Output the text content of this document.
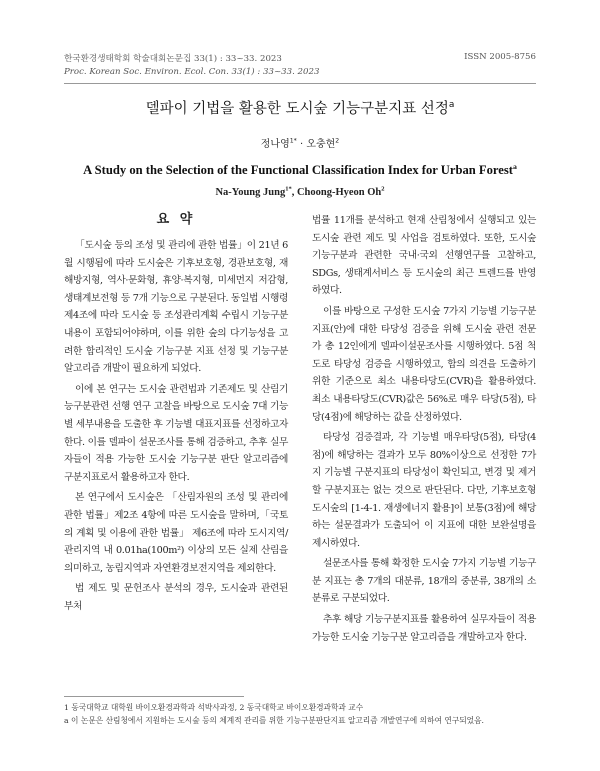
한국환경생태학회 학술대회논문집 33(1) : 33~33. 2023
Proc. Korean Soc. Environ. Ecol. Con. 33(1) : 33~33. 2023
ISSN 2005-8756
델파이 기법을 활용한 도시숲 기능구분지표 선정$^a$
정나영$^{1*}$ · 오충현$^2$
A Study on the Selection of the Functional Classification Index for Urban Forest$^a$
Na-Young Jung$^{1*}$, Choong-Hyeon Oh$^2$
요 약

「도시숲 등의 조성 및 관리에 관한 법률」이 21년 6월 시행됨에 따라 도시숲은 기후보호형, 경관보호형, 재해방지형, 역사·문화형, 휴양·복지형, 미세먼지 저감형, 생태계보전형 등 7개 기능으로 구분된다. 동일법 시행령 제4조에 따라 도시숲 등 조성관리계획 수립시 기능구분내용이 포함되어야하며, 이를 위한 숲의 다기능성을 고려한 합리적인 도시숲 기능구분 지표 선정 및 기능구분 알고리즘 개발이 필요하게 되었다.

이에 본 연구는 도시숲 관련법과 기존제도 및 산림기능구분관련 선행 연구 고찰을 바탕으로 도시숲 7대 기능별 세부내용을 도출한 후 기능별 대표지표를 선정하고자 한다. 이를 델파이 설문조사를 통해 검증하고, 추후 실무자들이 적용 가능한 도시숲 기능구분 판단 알고리즘에 구분지표로서 활용하고자 한다.

본 연구에서 도시숲은 「산림자원의 조성 및 관리에 관한 법률」제2조 4항에 따른 도시숲을 말하며,「국토의 계획 및 이용에 관한 법률」 제6조에 따라 도시지역/관리지역 내 0.01ha(100m²) 이상의 모든 실제 산림을 의미하고, 농림지역과 자연환경보전지역을 제외한다.

법 제도 및 문헌조사 분석의 경우, 도시숲과 관련된 부처

법률 11개를 분석하고 현재 산림청에서 실행되고 있는 도시숲 관련 제도 및 사업을 검토하였다. 또한, 도시숲 기능구분과 관련한 국내·국외 선행연구를 고찰하고, SDGs, 생태계서비스 등 도시숲의 최근 트렌드를 반영하였다.

이를 바탕으로 구성한 도시숲 7가지 기능별 기능구분 지표(안)에 대한 타당성 검증을 위해 도시숲 관련 전문가 총 12인에게 델파이설문조사를 시행하였다. 5점 척도로 타당성 검증을 시행하였고, 합의 의견을 도출하기 위한 기준으로 최소 내용타당도(CVR)을 활용하였다. 최소 내용타당도(CVR)값은 56%로 매우 타당(5점), 타당(4점)에 해당하는 값을 산정하였다.

타당성 검증결과, 각 기능별 매우타당(5점), 타당(4점)에 해당하는 결과가 모두 80%이상으로 선정한 7가지 기능별 구분지표의 타당성이 확인되고, 변경 및 제거할 구분지표는 없는 것으로 판단된다. 다만, 기후보호형 도시숲의 [1-4-1. 재생에너지 활용]이 보통(3점)에 해당하는 설문결과가 도출되어 이 지표에 대한 보완설명을 제시하였다.

설문조사를 통해 확정한 도시숲 7가지 기능별 기능구분 지표는 총 7개의 대분류, 18개의 중분류, 38개의 소분류로 구분되었다.

추후 해당 기능구분지표를 활용하여 실무자들이 적용 가능한 도시숲 기능구분 알고리즘을 개발하고자 한다.

1 동국대학교 대학원 바이오환경과학과 석박사과정, 2 동국대학교 바이오환경과학과 교수
a 이 논문은 산림청에서 지원하는 도시숲 등의 체계적 관리를 위한 기능구분판단지표 알고리즘 개발연구에 의하여 연구되었음.
